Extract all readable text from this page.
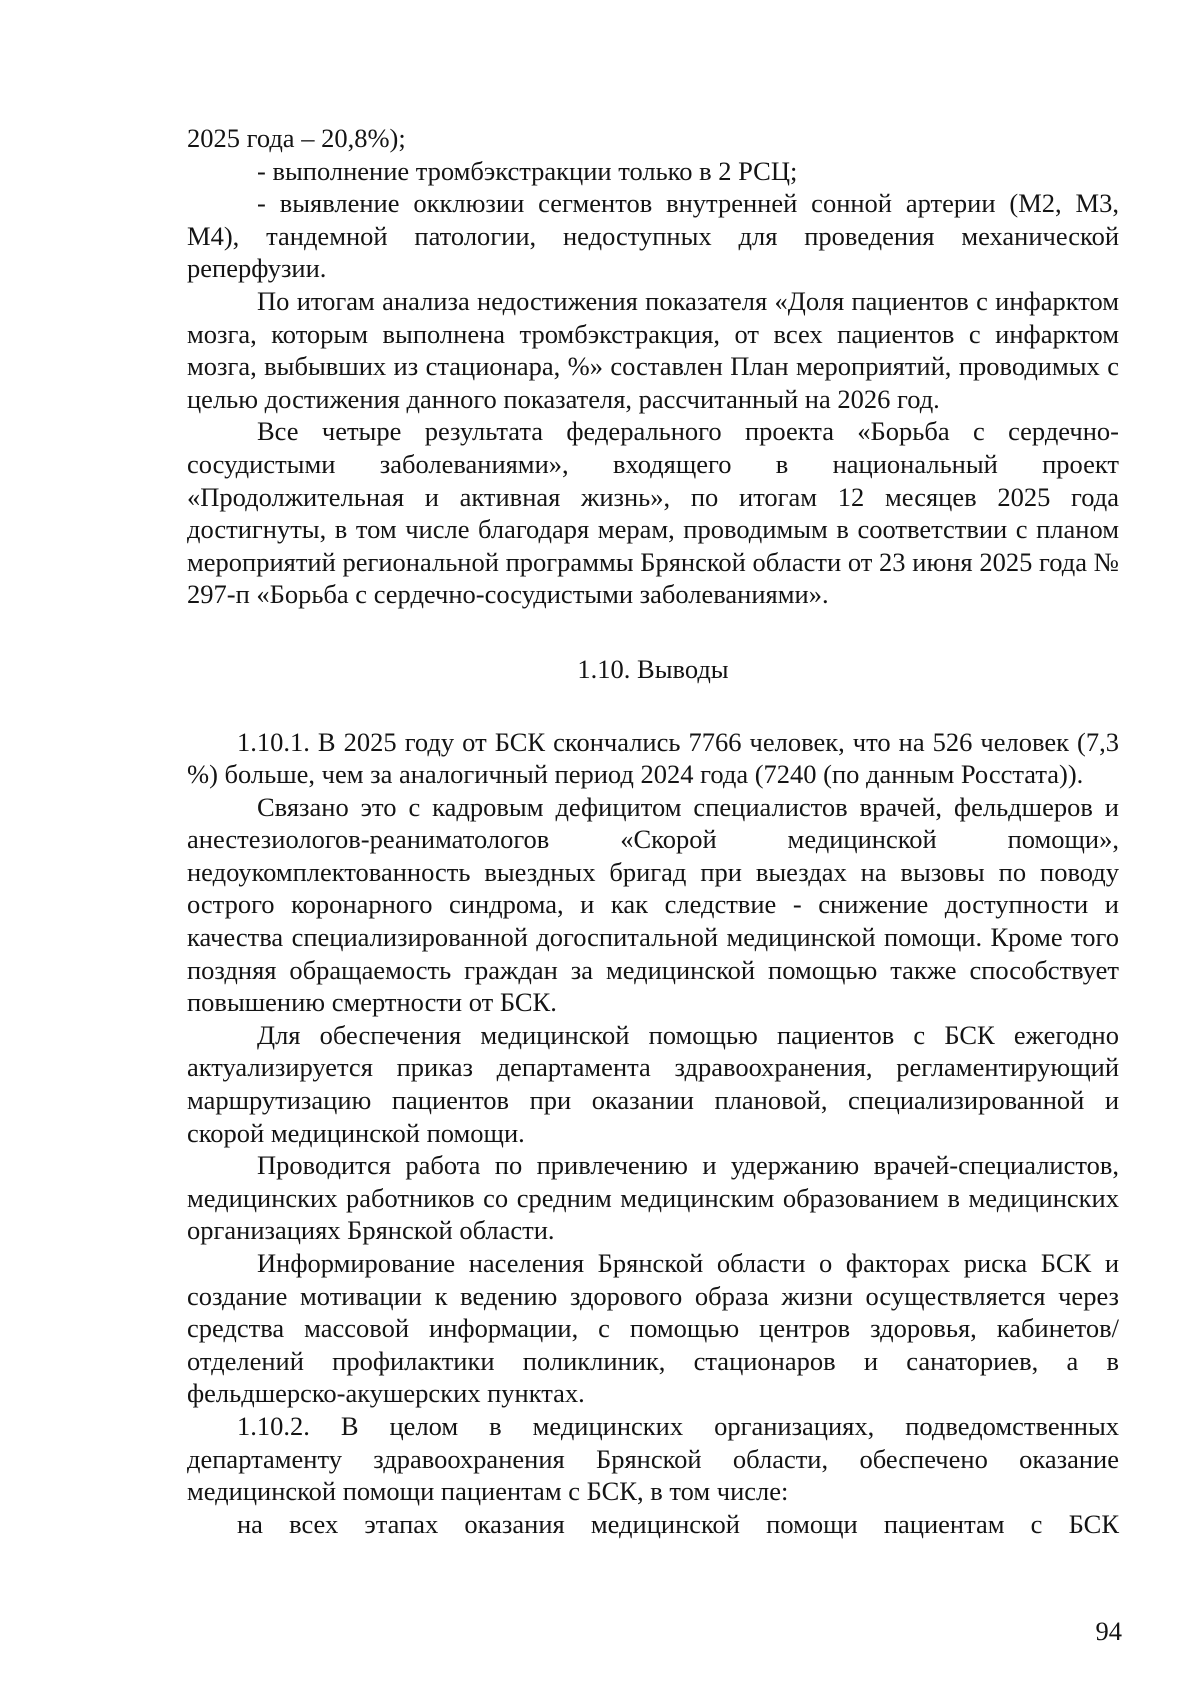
2025 года – 20,8%);

- выполнение тромбэкстракции только в 2 РСЦ;

- выявление окклюзии сегментов внутренней сонной артерии (М2, М3, М4), тандемной патологии, недоступных для проведения механической реперфузии.

По итогам анализа недостижения показателя «Доля пациентов с инфарктом мозга, которым выполнена тромбэкстракция, от всех пациентов с инфарктом мозга, выбывших из стационара, %» составлен План мероприятий, проводимых с целью достижения данного показателя, рассчитанный на 2026 год.

Все четыре результата федерального проекта «Борьба с сердечно-сосудистыми заболеваниями», входящего в национальный проект «Продолжительная и активная жизнь», по итогам 12 месяцев 2025 года достигнуты, в том числе благодаря мерам, проводимым в соответствии с планом мероприятий региональной программы Брянской области от 23 июня 2025 года № 297-п «Борьба с сердечно-сосудистыми заболеваниями».

1.10. Выводы

1.10.1. В 2025 году от БСК скончались 7766 человек, что на 526 человек (7,3 %) больше, чем за аналогичный период 2024 года (7240 (по данным Росстата)).

Связано это с кадровым дефицитом специалистов врачей, фельдшеров и анестезиологов-реаниматологов «Скорой медицинской помощи», недоукомплектованность выездных бригад при выездах на вызовы по поводу острого коронарного синдрома, и как следствие - снижение доступности и качества специализированной догоспитальной медицинской помощи. Кроме того поздняя обращаемость граждан за медицинской помощью также способствует повышению смертности от БСК.

Для обеспечения медицинской помощью пациентов с БСК ежегодно актуализируется приказ департамента здравоохранения, регламентирующий маршрутизацию пациентов при оказании плановой, специализированной и скорой медицинской помощи.

Проводится работа по привлечению и удержанию врачей-специалистов, медицинских работников со средним медицинским образованием в медицинских организациях Брянской области.

Информирование населения Брянской области о факторах риска БСК и создание мотивации к ведению здорового образа жизни осуществляется через средства массовой информации, с помощью центров здоровья, кабинетов/отделений профилактики поликлиник, стационаров и санаториев, а в фельдшерско-акушерских пунктах.

1.10.2. В целом в медицинских организациях, подведомственных департаменту здравоохранения Брянской области, обеспечено оказание медицинской помощи пациентам с БСК, в том числе:

на всех этапах оказания медицинской помощи пациентам с БСК

94
